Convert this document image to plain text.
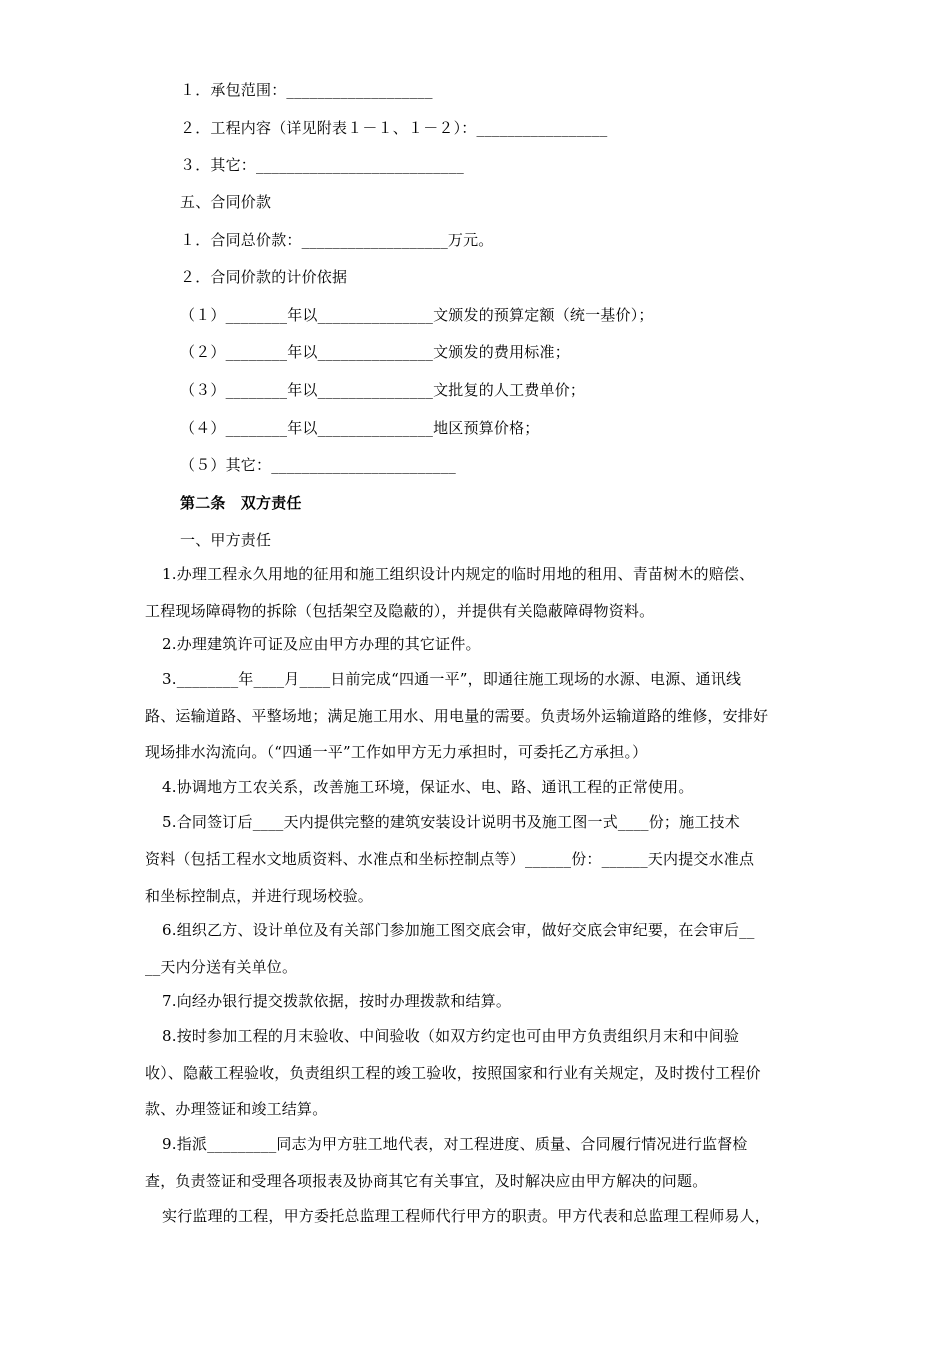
１．承包范围：___________________
２．工程内容（详见附表１－１、１－２）：_________________
３．其它：___________________________
五、合同价款
１．合同总价款：___________________万元。
２．合同价款的计价依据
（１）________年以_______________文颁发的预算定额（统一基价）；
（２）________年以_______________文颁发的费用标准；
（３）________年以_______________文批复的人工费单价；
（４）________年以_______________地区预算价格；
（５）其它：________________________
第二条　双方责任
一、甲方责任
1.办理工程永久用地的征用和施工组织设计内规定的临时用地的租用、青苗树木的赔偿、
工程现场障碍物的拆除（包括架空及隐蔽的），并提供有关隐蔽障碍物资料。
2.办理建筑许可证及应由甲方办理的其它证件。
3.________年____月____日前完成“四通一平”，即通往施工现场的水源、电源、通讯线
路、运输道路、平整场地；满足施工用水、用电量的需要。负责场外运输道路的维修，安排好
现场排水沟流向。（“四通一平”工作如甲方无力承担时，可委托乙方承担。）
4.协调地方工农关系，改善施工环境，保证水、电、路、通讯工程的正常使用。
5.合同签订后____天内提供完整的建筑安装设计说明书及施工图一式____份；施工技术
资料（包括工程水文地质资料、水准点和坐标控制点等）______份：______天内提交水准点
和坐标控制点，并进行现场校验。
6.组织乙方、设计单位及有关部门参加施工图交底会审，做好交底会审纪要，在会审后__
__天内分送有关单位。
7.向经办银行提交拨款依据，按时办理拨款和结算。
8.按时参加工程的月末验收、中间验收（如双方约定也可由甲方负责组织月末和中间验
收）、隐蔽工程验收，负责组织工程的竣工验收，按照国家和行业有关规定，及时拨付工程价
款、办理签证和竣工结算。
9.指派_________同志为甲方驻工地代表，对工程进度、质量、合同履行情况进行监督检
查，负责签证和受理各项报表及协商其它有关事宜，及时解决应由甲方解决的问题。
实行监理的工程，甲方委托总监理工程师代行甲方的职责。甲方代表和总监理工程师易人，
